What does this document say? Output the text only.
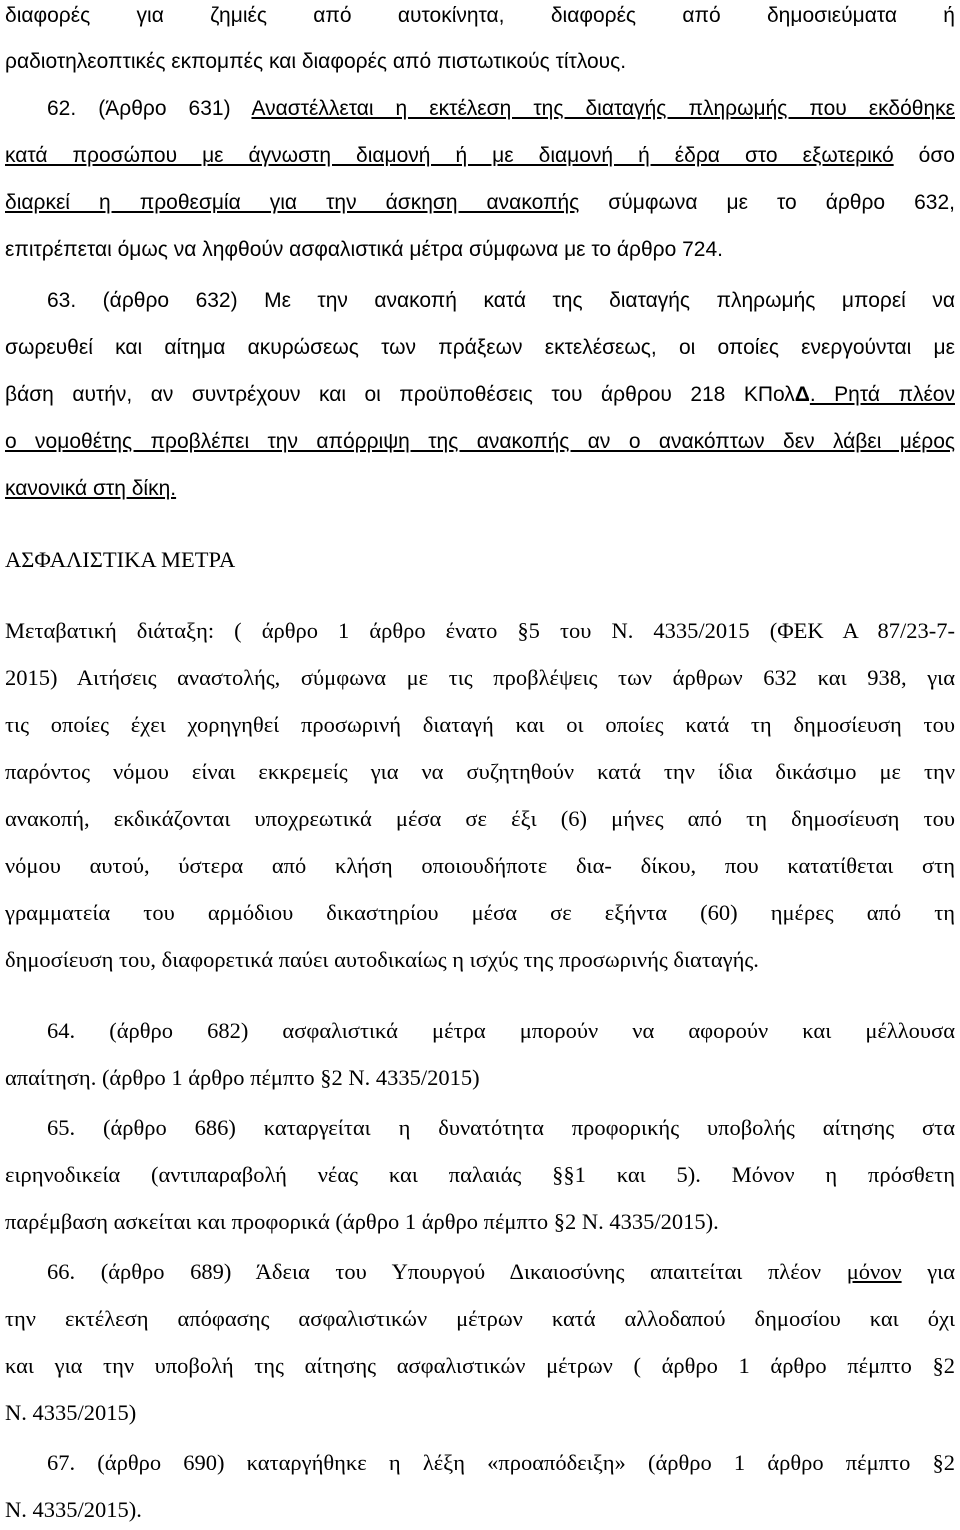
διαφορές για ζημιές από αυτοκίνητα, διαφορές από δημοσιεύματα ή
ραδιοτηλεοπτικές εκπομπές και διαφορές από πιστωτικούς τίτλους.
62. (Άρθρο 631) Αναστέλλεται η εκτέλεση της διαταγής πληρωμής που εκδόθηκε
κατά προσώπου με άγνωστη διαμονή ή με διαμονή ή έδρα στο εξωτερικό όσο
διαρκεί η προθεσμία για την άσκηση ανακοπής σύμφωνα με το άρθρο 632,
επιτρέπεται όμως να ληφθούν ασφαλιστικά μέτρα σύμφωνα με το άρθρο 724.
63. (άρθρο 632) Με την ανακοπή κατά της διαταγής πληρωμής μπορεί να
σωρευθεί και αίτημα ακυρώσεως των πράξεων εκτελέσεως, οι οποίες ενεργούνται με
βάση αυτήν, αν συντρέχουν και οι προϋποθέσεις του άρθρου 218 ΚΠολΔ. Ρητά πλέον
ο νομοθέτης προβλέπει την απόρριψη της ανακοπής αν ο ανακόπτων δεν λάβει μέρος
κανονικά στη δίκη.
ΑΣΦΑΛΙΣΤΙΚΑ ΜΕΤΡΑ
Μεταβατική διάταξη: ( άρθρο 1 άρθρο ένατο §5 του Ν. 4335/2015 (ΦΕΚ Α 87/23-7-
2015) Αιτήσεις αναστολής, σύμφωνα με τις προβλέψεις των άρθρων 632 και 938, για
τις οποίες έχει χορηγηθεί προσωρινή διαταγή και οι οποίες κατά τη δημοσίευση του
παρόντος νόμου είναι εκκρεμείς για να συζητηθούν κατά την ίδια δικάσιμο με την
ανακοπή, εκδικάζονται υποχρεωτικά μέσα σε έξι (6) μήνες από τη δημοσίευση του
νόμου αυτού, ύστερα από κλήση οποιουδήποτε δια- δίκου, που κατατίθεται στη
γραμματεία του αρμόδιου δικαστηρίου μέσα σε εξήντα (60) ημέρες από τη
δημοσίευση του, διαφορετικά παύει αυτοδικαίως η ισχύς της προσωρινής διαταγής.
64. (άρθρο 682) ασφαλιστικά μέτρα μπορούν να αφορούν και μέλλουσα
απαίτηση. (άρθρο 1 άρθρο πέμπτο §2 Ν. 4335/2015)
65. (άρθρο 686) καταργείται η δυνατότητα προφορικής υποβολής αίτησης στα
ειρηνοδικεία (αντιπαραβολή νέας και παλαιάς §§1 και 5). Μόνον η πρόσθετη
παρέμβαση ασκείται και προφορικά (άρθρο 1 άρθρο πέμπτο §2 Ν. 4335/2015).
66. (άρθρο 689) Άδεια του Υπουργού Δικαιοσύνης απαιτείται πλέον μόνον για
την εκτέλεση απόφασης ασφαλιστικών μέτρων κατά αλλοδαπού δημοσίου και όχι
και για την υποβολή της αίτησης ασφαλιστικών μέτρων ( άρθρο 1 άρθρο πέμπτο §2
Ν. 4335/2015)
67. (άρθρο 690) καταργήθηκε η λέξη «προαπόδειξη» (άρθρο 1 άρθρο πέμπτο §2
Ν. 4335/2015).
